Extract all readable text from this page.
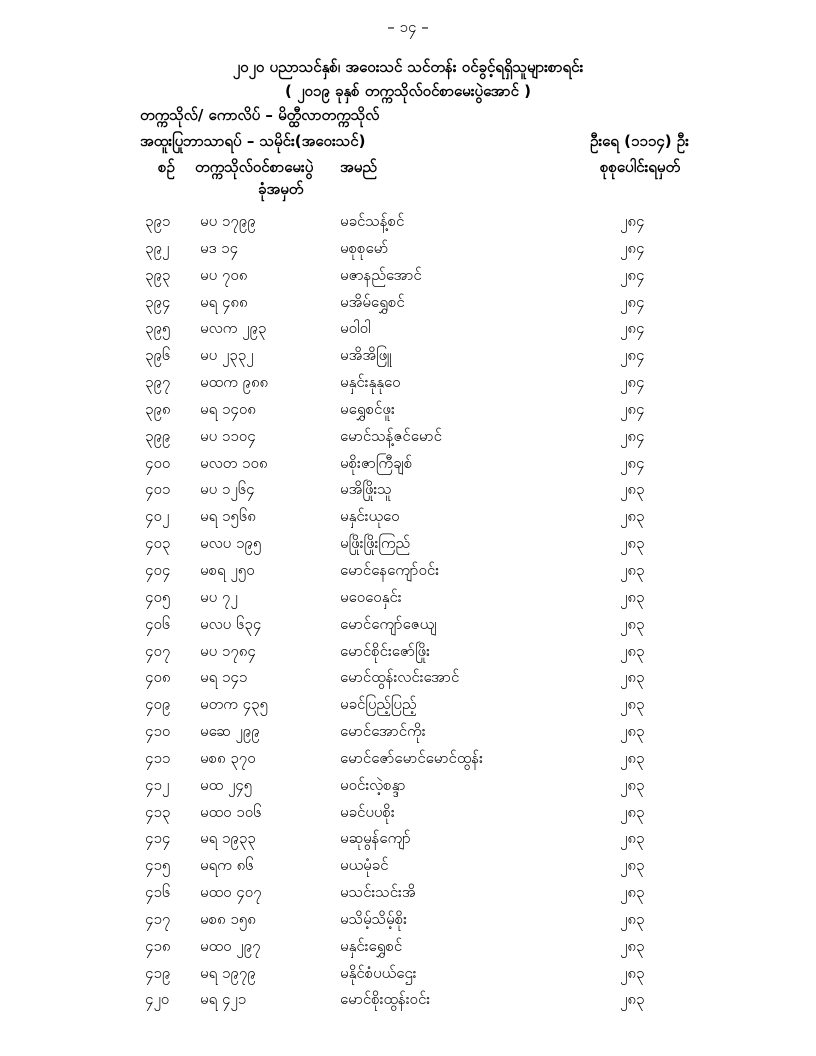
– ၁၄ –
၂၀၂၀ ပညာသင်နှစ်၊ အဝေးသင် သင်တန်း ဝင်ခွင့်ရရှိသူများစာရင်း
( ၂၀၁၉ ခုနှစ် တက္ကသိုလ်ဝင်စာမေးပွဲအောင် )
တက္ကသိုလ်/ ကောလိပ် – မိတ္ထီလာတက္ကသိုလ်
အထူးပြုဘာသာရပ် – သမိုင်း(အဝေးသင်)	ဦးရေ (၁၁၁၄) ဦး
စဉ် တက္ကသိုလ်ဝင်စာမေးပွဲ
ခုံအမှတ်
အမည်	စုစုပေါင်းရမှတ်
၃၉၁ မပ ၁၇၉၉	မခင်သန့်စင်	၂၈၄
၃၉၂ မဒ ၁၄	မစုစုမော်	၂၈၄
၃၉၃ မပ ၇၀၈	မဇာနည်အောင်	၂၈၄
၃၉၄ မရ ၄၈၈	မအိမ်ရွှေစင်	၂၈၄
၃၉၅ မလက ၂၉၃	မဝါဝါ	၂၈၄
၃၉၆ မပ ၂၃၃၂	မအိအိဖြူ	၂၈၄
၃၉၇ မထက ၉၈၈	မနှင်းနုနုဝေ	၂၈၄
၃၉၈ မရ ၁၄၀၈	မရွှေစင်ဖူး	၂၈၄
၃၉၉ မပ ၁၁၀၄	မောင်သန့်ဇင်မောင်	၂၈၄
၄၀၀ မလတ ၁၀၈	မစိုးဇာကြီချစ်	၂၈၄
၄၀၁ မပ ၁၂၆၄	မအိဖြိုးသူ	၂၈၃
၄၀၂ မရ ၁၅၆၈	မနှင်းယုဝေ	၂၈၃
၄၀၃ မလပ ၁၉၅	မဖြိုးဖြိုးကြည်	၂၈၃
၄၀၄ မစရ ၂၅၀	မောင်နေကျော်ဝင်း	၂၈၃
၄၀၅ မပ ၇၂	မဝေဝေနှင်း	၂၈၃
၄၀၆ မလပ ၆၃၄	မောင်ကျော်ဇေယျ	၂၈၃
၄၀၇ မပ ၁၇၈၄	မောင်စိုင်းဇော်ဖြိုး	၂၈၃
၄၀၈ မရ ၁၄၁	မောင်ထွန်းလင်းအောင်	၂၈၃
၄၀၉ မတက ၄၃၅	မခင်ပြည့်ပြည့်	၂၈၃
၄၁၀ မဆေ ၂၉၉	မောင်အောင်ကိုး	၂၈၃
၄၁၁ မစ၈ ၃၇၀	မောင်ဇော်မောင်မောင်ထွန်း	၂၈၃
၄၁၂ မထ ၂၄၅	မဝင်းလဲ့စန္ဒာ	၂၈၃
၄၁၃ မထဝ ၁၀၆	မခင်ပပစိုး	၂၈၃
၄၁၄ မရ ၁၉၃၃	မဆုမွန်ကျော်	၂၈၃
၄၁၅ မရက ၈၆	မယမုံခင်	၂၈၃
၄၁၆ မထဝ ၄၀၇	မသင်းသင်းအိ	၂၈၃
၄၁၇ မစ၈ ၁၅၈	မသိမ့်သိမ့်စိုး	၂၈၃
၄၁၈ မထဝ ၂၉၇	မနှင်းရွှေစင်	၂၈၃
၄၁၉ မရ ၁၉၇၉	မနိုင်စံပယ်ဌေး	၂၈၃
၄၂၀ မရ ၄၂၁	မောင်စိုးထွန်းဝင်း	၂၈၃
